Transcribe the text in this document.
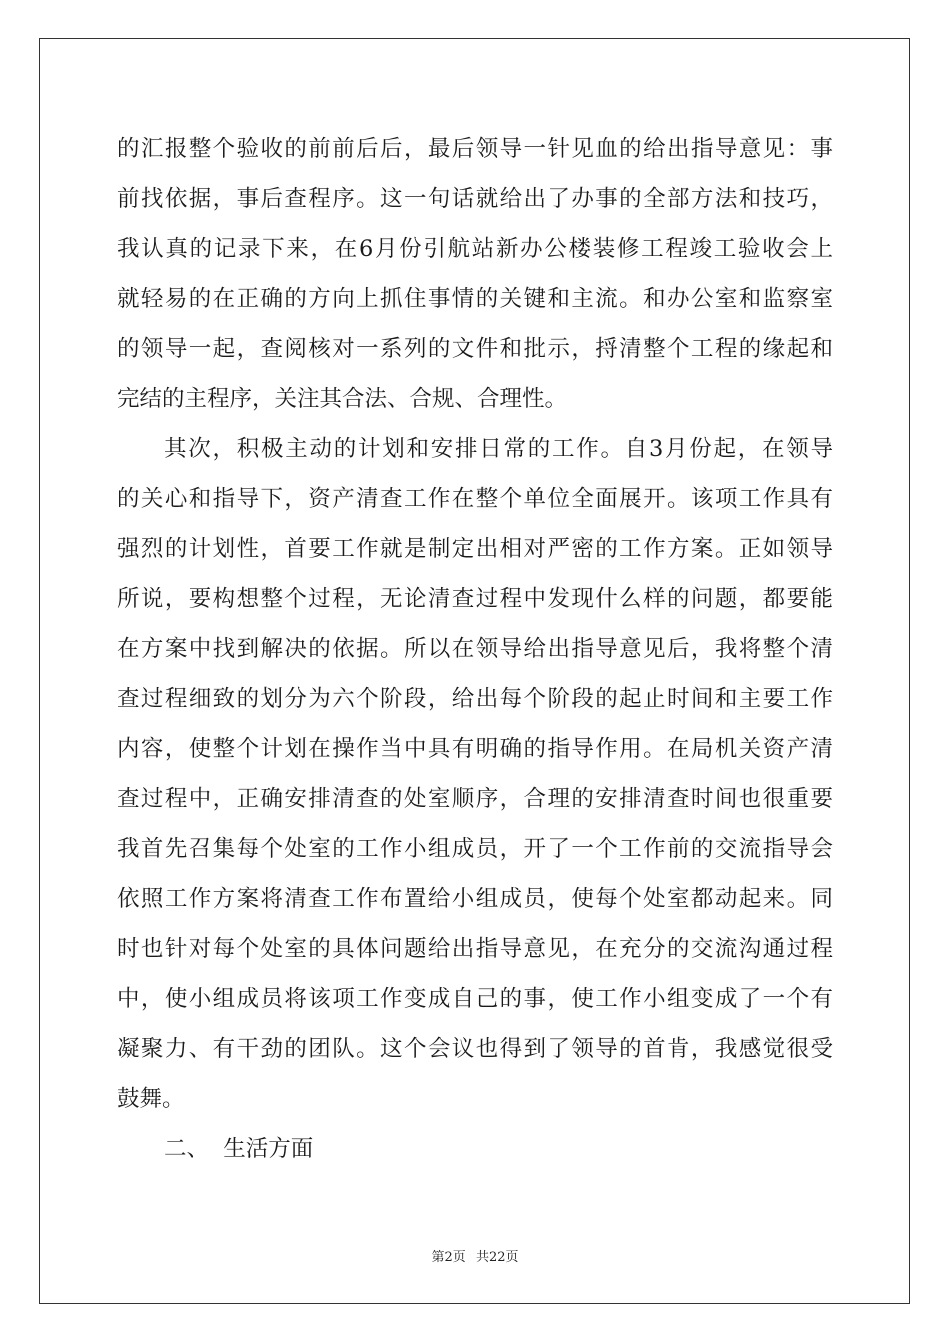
的汇报整个验收的前前后后，最后领导一针见血的给出指导意见：事
前找依据，事后查程序。这一句话就给出了办事的全部方法和技巧，
我认真的记录下来，在6月份引航站新办公楼装修工程竣工验收会上
就轻易的在正确的方向上抓住事情的关键和主流。和办公室和监察室
的领导一起，查阅核对一系列的文件和批示，捋清整个工程的缘起和
完结的主程序，关注其合法、合规、合理性。
其次，积极主动的计划和安排日常的工作。自3月份起，在领导
的关心和指导下，资产清查工作在整个单位全面展开。该项工作具有
强烈的计划性，首要工作就是制定出相对严密的工作方案。正如领导
所说，要构想整个过程，无论清查过程中发现什么样的问题，都要能
在方案中找到解决的依据。所以在领导给出指导意见后，我将整个清
查过程细致的划分为六个阶段，给出每个阶段的起止时间和主要工作
内容，使整个计划在操作当中具有明确的指导作用。在局机关资产清
查过程中，正确安排清查的处室顺序，合理的安排清查时间也很重要
我首先召集每个处室的工作小组成员，开了一个工作前的交流指导会
依照工作方案将清查工作布置给小组成员，使每个处室都动起来。同
时也针对每个处室的具体问题给出指导意见，在充分的交流沟通过程
中，使小组成员将该项工作变成自己的事，使工作小组变成了一个有
凝聚力、有干劲的团队。这个会议也得到了领导的首肯，我感觉很受
鼓舞。
二、  生活方面
第2页 共22页
